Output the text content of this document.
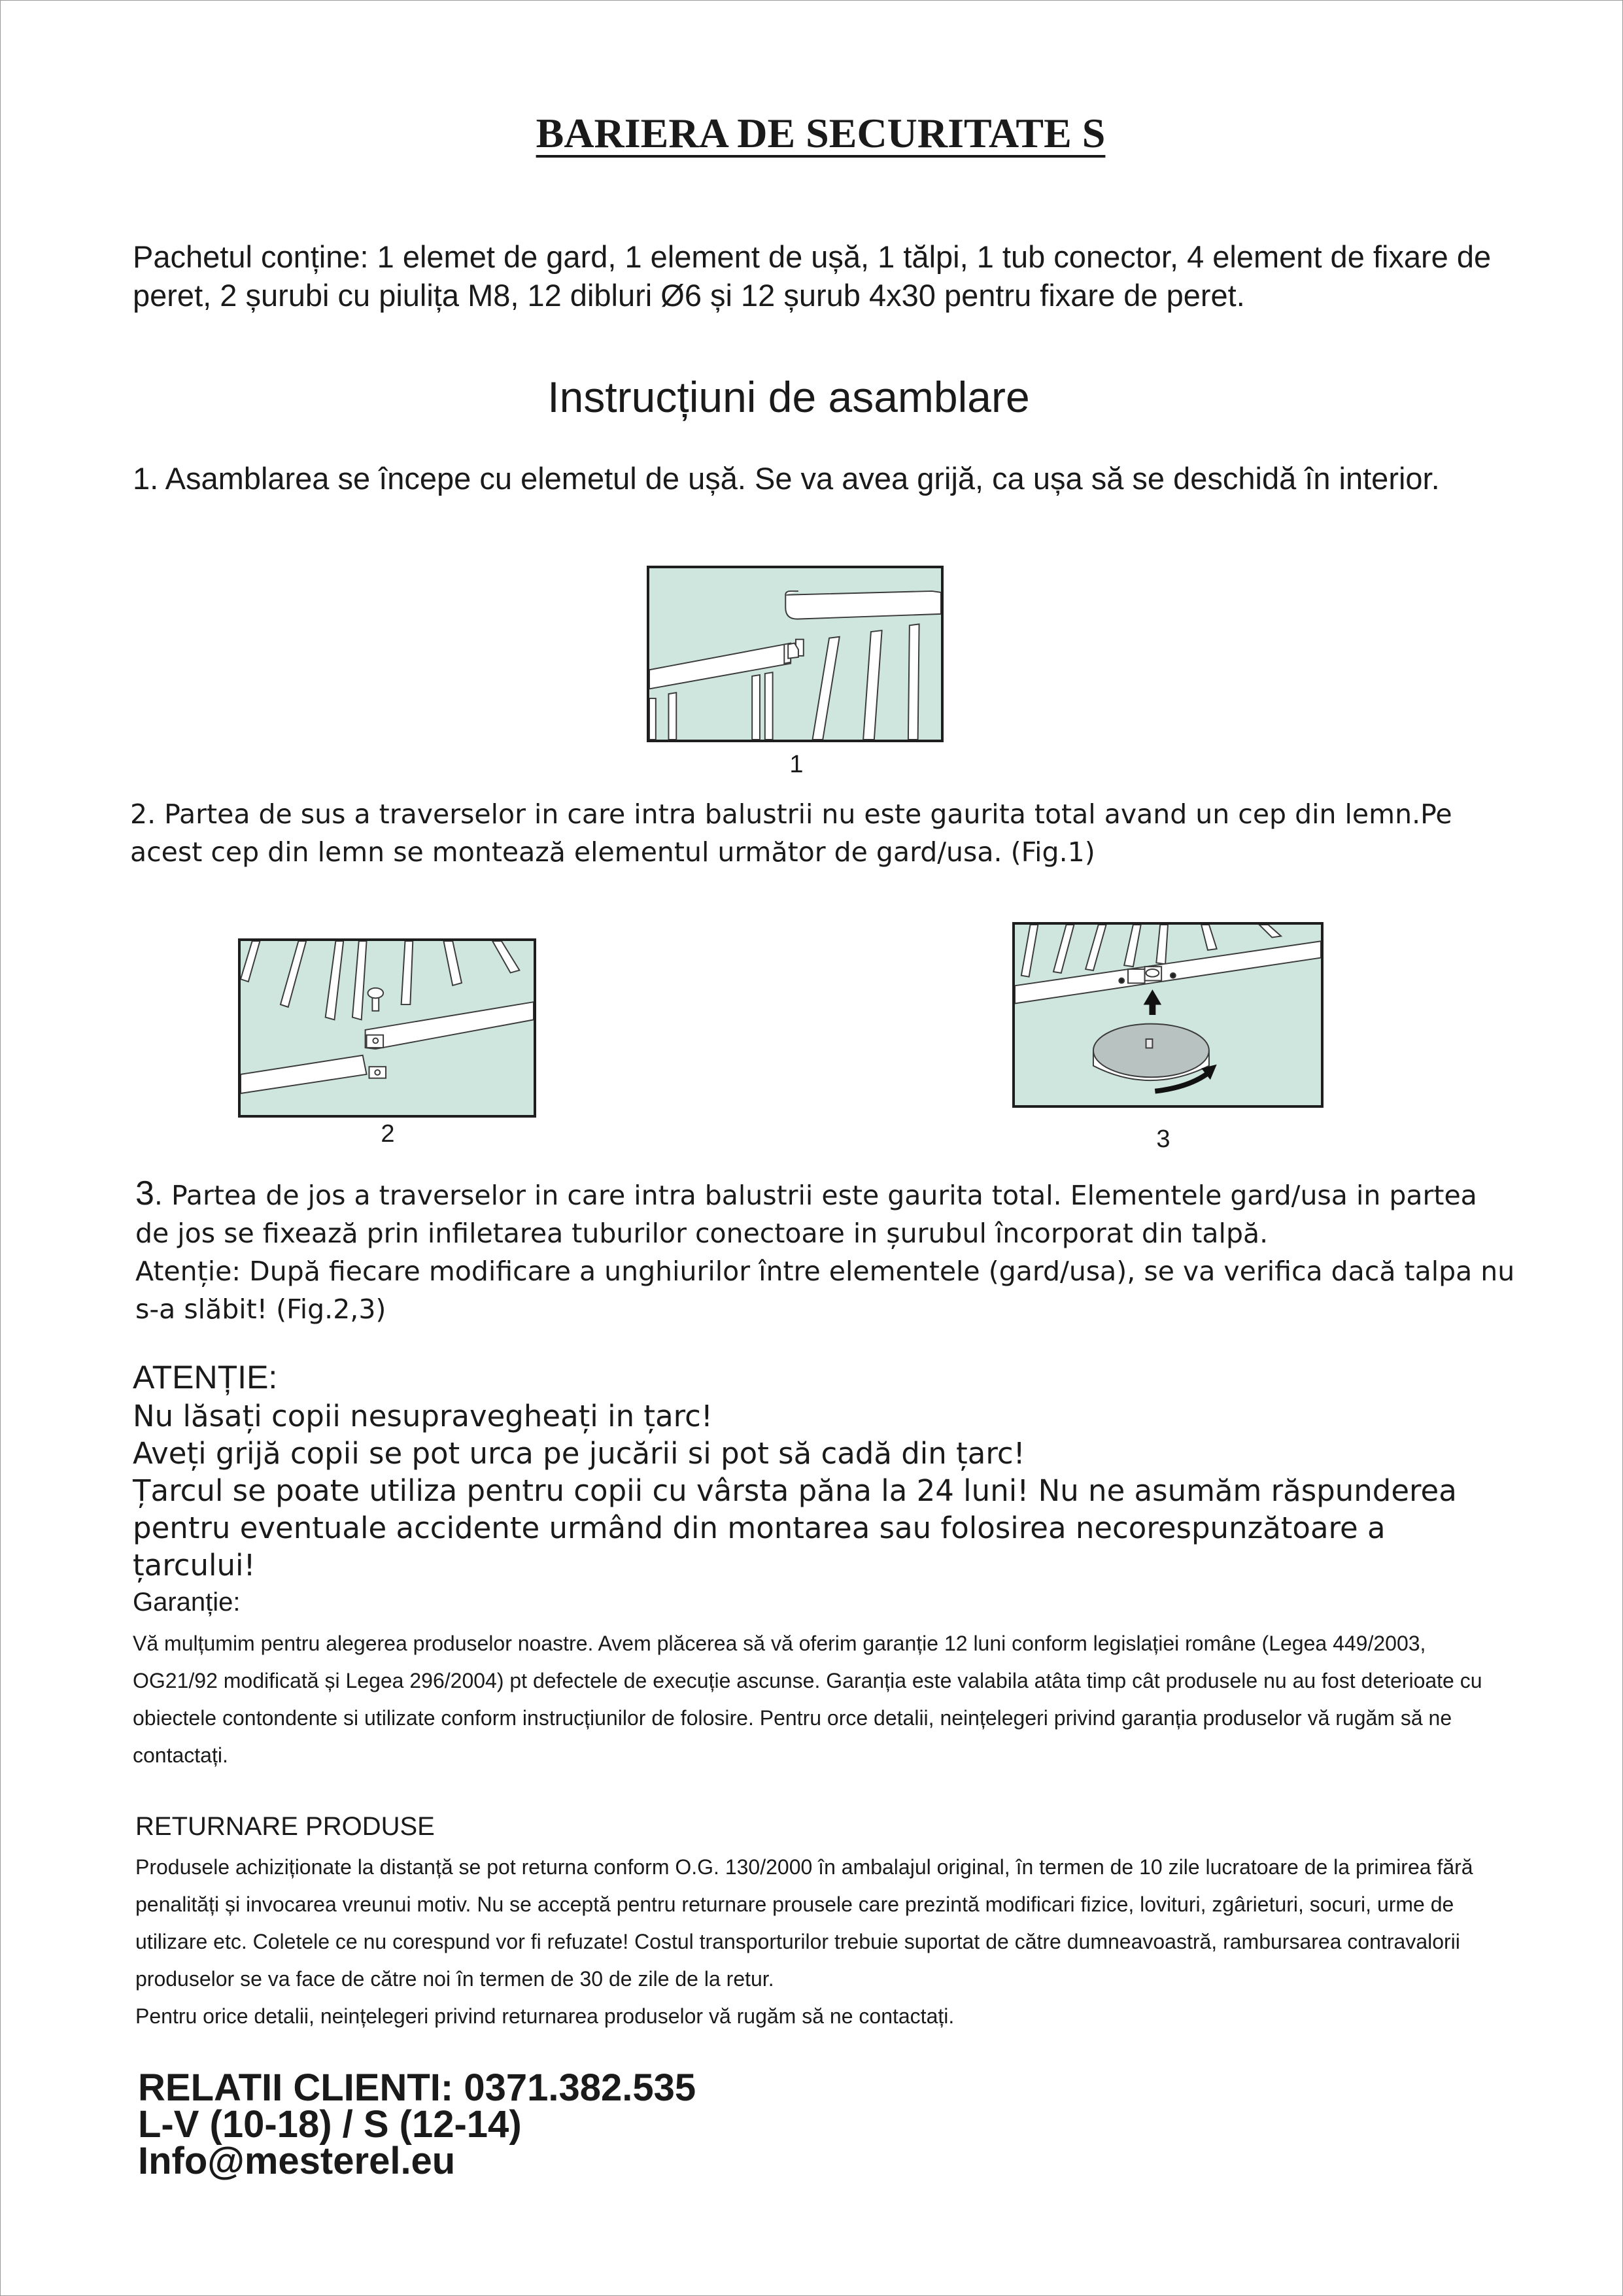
BARIERA DE SECURITATE S
Pachetul conține: 1 elemet de gard, 1 element de ușă, 1 tălpi, 1 tub conector, 4 element de fixare de peret, 2 șurubi cu piulița M8, 12 dibluri Ø6 și 12 șurub 4x30 pentru fixare de peret.
Instrucțiuni de asamblare
1. Asamblarea se începe cu elemetul de ușă. Se va avea grijă, ca ușa să se deschidă în interior.
1
2. Partea de sus a traverselor in care intra balustrii nu este gaurita total avand un cep din lemn.Pe acest cep din lemn se montează elementul următor de gard/usa. (Fig.1)
2	3
3. Partea de jos a traverselor in care intra balustrii este gaurita total. Elementele gard/usa in partea de jos se fixează prin infiletarea tuburilor conectoare in șurubul încorporat din talpă.
Atenție: După fiecare modificare a unghiurilor între elementele (gard/usa), se va verifica dacă talpa nu s-a slăbit! (Fig.2,3)
ATENȚIE:
Nu lăsați copii nesupravegheați in țarc!
Aveți grijă copii se pot urca pe jucării si pot să cadă din țarc!
Țarcul se poate utiliza pentru copii cu vârsta păna la 24 luni! Nu ne asumăm răspunderea pentru eventuale accidente urmând din montarea sau folosirea necorespunzătoare a țarcului!
Garanție:
Vă mulțumim pentru alegerea produselor noastre. Avem plăcerea să vă oferim garanție 12 luni conform legislației române (Legea 449/2003, OG21/92 modificată și Legea 296/2004) pt defectele de execuție ascunse. Garanția este valabila atâta timp cât produsele nu au fost deterioate cu obiectele contondente si utilizate conform instrucțiunilor de folosire. Pentru orce detalii, neințelegeri privind garanția produselor vă rugăm să ne contactați.
RETURNARE PRODUSE
Produsele achiziționate la distanță se pot returna conform O.G. 130/2000 în ambalajul original, în termen de 10 zile lucratoare de la primirea fără penalități și invocarea vreunui motiv. Nu se acceptă pentru returnare prousele care prezintă modificari fizice, lovituri, zgârieturi, socuri, urme de utilizare etc. Coletele ce nu corespund vor fi refuzate! Costul transporturilor trebuie suportat de către dumneavoastră, rambursarea contravalorii produselor se va face de către noi în termen de 30 de zile de la retur.
Pentru orice detalii, neințelegeri privind returnarea produselor vă rugăm să ne contactați.
RELATII CLIENTI: 0371.382.535
L-V (10-18) / S (12-14)
Info@mesterel.eu
